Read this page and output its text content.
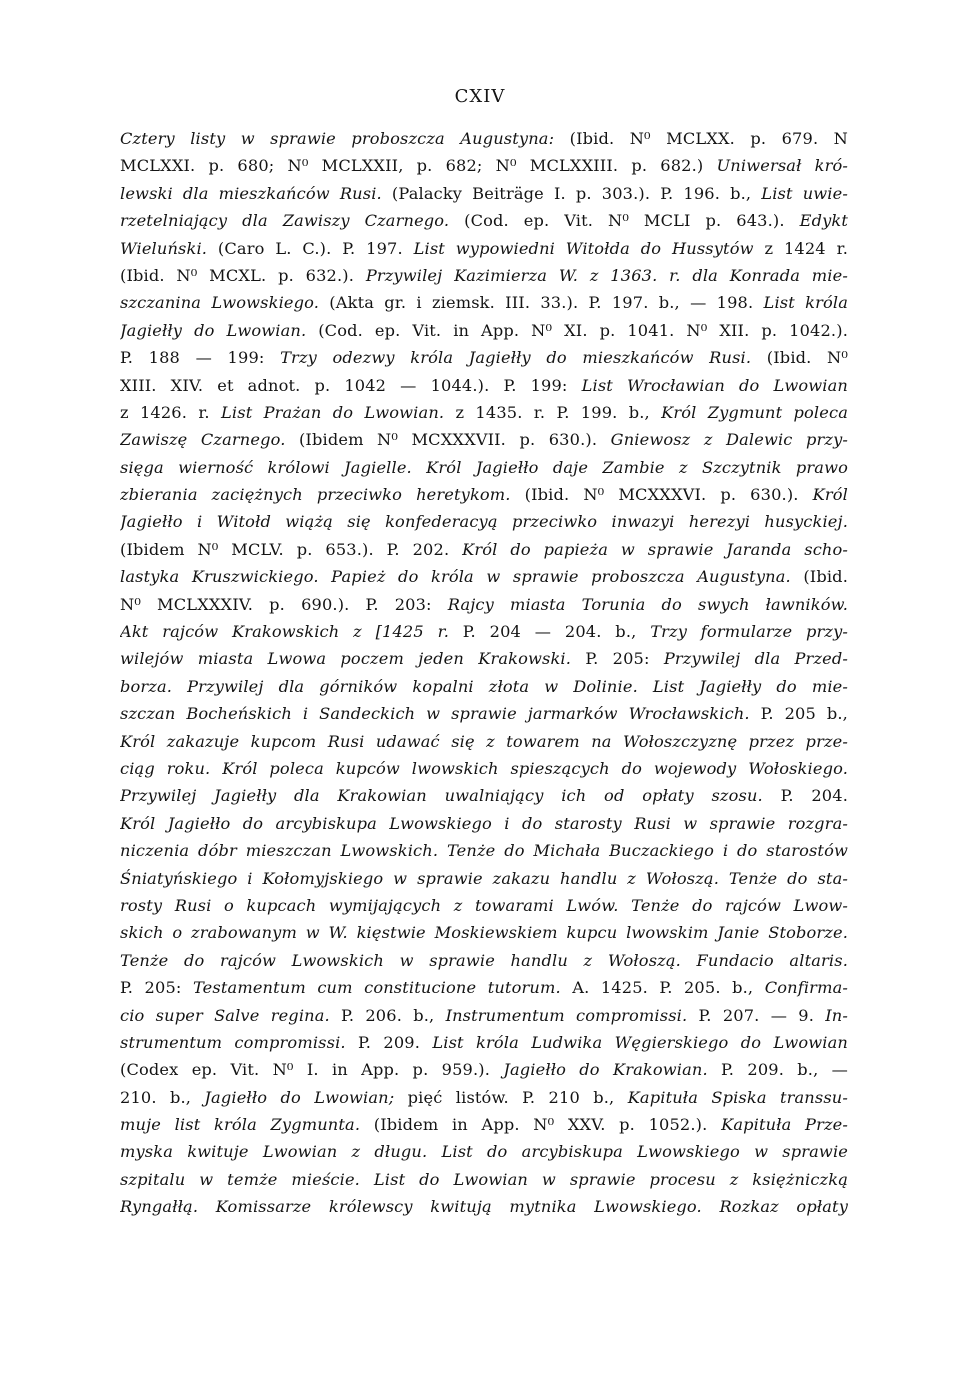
CXIV
Cztery listy w sprawie proboszcza Augustyna: (Ibid. N⁰ MCLXX. p. 679. N
MCLXXI. p. 680; N⁰ MCLXXII, p. 682; N⁰ MCLXXIII. p. 682.) Uniwersał kró-
lewski dla mieszkańców Rusi. (Palacky Beiträge I. p. 303.). P. 196. b., List uwie-
rzetelniający dla Zawiszy Czarnego. (Cod. ep. Vit. N⁰ MCLI p. 643.). Edykt
Wieluński. (Caro L. C.). P. 197. List wypowiedni Witołda do Hussytów z 1424 r.
(Ibid. N⁰ MCXL. p. 632.). Przywilej Kazimierza W. z 1363. r. dla Konrada mie-
szczanina Lwowskiego. (Akta gr. i ziemsk. III. 33.). P. 197. b., — 198. List króla
Jagiełły do Lwowian. (Cod. ep. Vit. in App. N⁰ XI. p. 1041. N⁰ XII. p. 1042.).
P. 188 — 199: Trzy odezwy króla Jagiełły do mieszkańców Rusi. (Ibid. N⁰
XIII. XIV. et adnot. p. 1042 — 1044.). P. 199: List Wrocławian do Lwowian
z 1426. r. List Prażan do Lwowian. z 1435. r. P. 199. b., Król Zygmunt poleca
Zawiszę Czarnego. (Ibidem N⁰ MCXXXVII. p. 630.). Gniewosz z Dalewic przy-
sięga wierność królowi Jagielle. Król Jagiełło daje Zambie z Szczytnik prawo
zbierania zaciężnych przeciwko heretykom. (Ibid. N⁰ MCXXXVI. p. 630.). Król
Jagiełło i Witołd wiążą się konfederacyą przeciwko inwazyi herezyi husyckiej.
(Ibidem N⁰ MCLV. p. 653.). P. 202. Król do papieża w sprawie Jaranda scho-
lastyka Kruszwickiego. Papież do króla w sprawie proboszcza Augustyna. (Ibid.
N⁰ MCLXXXIV. p. 690.). P. 203: Rajcy miasta Torunia do swych ławników.
Akt rajców Krakowskich z [1425 r. P. 204 — 204. b., Trzy formularze przy-
wilejów miasta Lwowa poczem jeden Krakowski. P. 205: Przywilej dla Przed-
borza. Przywilej dla górników kopalni złota w Dolinie. List Jagiełły do mie-
szczan Bocheńskich i Sandeckich w sprawie jarmarków Wrocławskich. P. 205 b.,
Król zakazuje kupcom Rusi udawać się z towarem na Wołoszczyznę przez prze-
ciąg roku. Król poleca kupców lwowskich spieszących do wojewody Wołoskiego.
Przywilej Jagiełły dla Krakowian uwalniający ich od opłaty szosu. P. 204.
Król Jagiełło do arcybiskupa Lwowskiego i do starosty Rusi w sprawie rozgra-
niczenia dóbr mieszczan Lwowskich. Tenże do Michała Buczackiego i do starostów
Śniatyńskiego i Kołomyjskiego w sprawie zakazu handlu z Wołoszą. Tenże do sta-
rosty Rusi o kupcach wymijających z towarami Lwów. Tenże do rajców Lwow-
skich o zrabowanym w W. kięstwie Moskiewskiem kupcu lwowskim Janie Stoborze.
Tenże do rajców Lwowskich w sprawie handlu z Wołoszą. Fundacio altaris.
P. 205: Testamentum cum constitucione tutorum. A. 1425. P. 205. b., Confirma-
cio super Salve regina. P. 206. b., Instrumentum compromissi. P. 207. — 9. In-
strumentum compromissi. P. 209. List króla Ludwika Węgierskiego do Lwowian
(Codex ep. Vit. N⁰ I. in App. p. 959.). Jagiełło do Krakowian. P. 209. b., —
210. b., Jagiełło do Lwowian; pięć listów. P. 210 b., Kapituła Spiska transsu-
muje list króla Zygmunta. (Ibidem in App. N⁰ XXV. p. 1052.). Kapituła Prze-
myska kwituje Lwowian z długu. List do arcybiskupa Lwowskiego w sprawie
szpitalu w temże mieście. List do Lwowian w sprawie procesu z księżniczką
Ryngałłą. Komissarze królewscy kwitują mytnika Lwowskiego. Rozkaz opłaty
